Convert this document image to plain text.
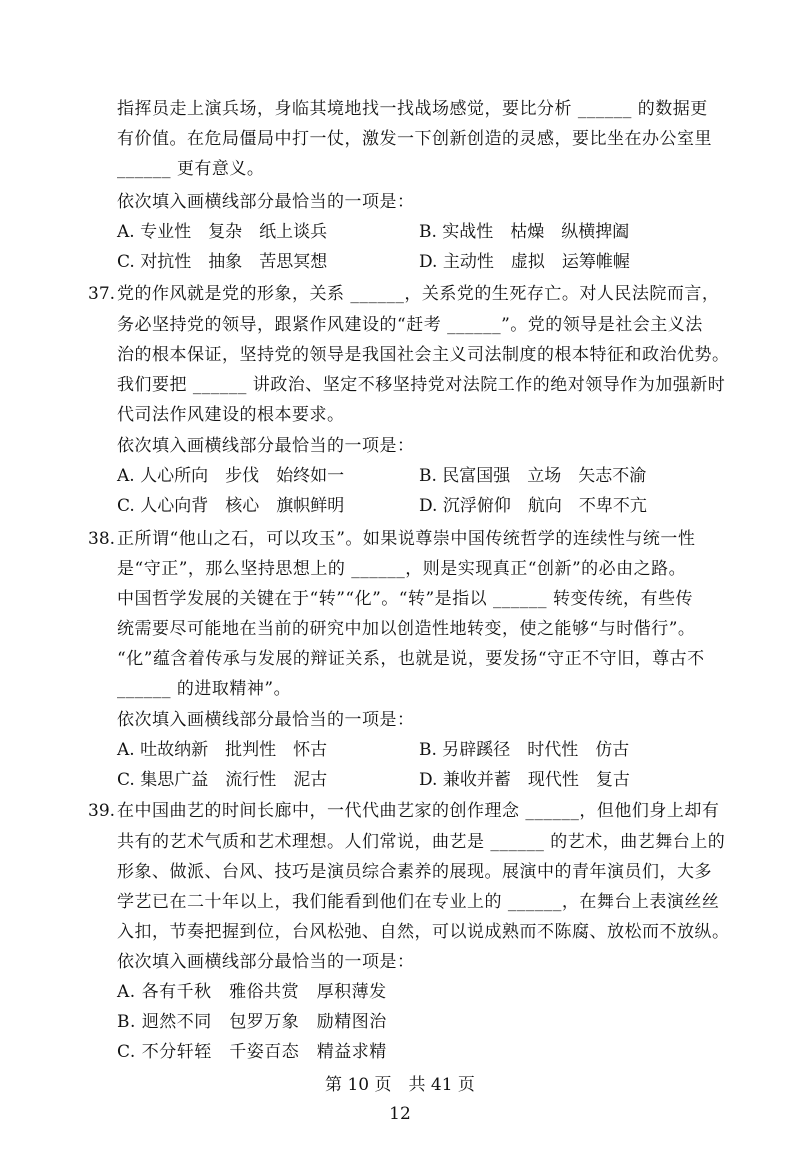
指挥员走上演兵场，身临其境地找一找战场感觉，要比分析 ______ 的数据更
有价值。在危局僵局中打一仗，激发一下创新创造的灵感，要比坐在办公室里
______ 更有意义。
依次填入画横线部分最恰当的一项是：
A. 专业性　复杂　纸上谈兵	B. 实战性　枯燥　纵横捭阖
C. 对抗性　抽象　苦思冥想	D. 主动性　虚拟　运筹帷幄
37. 党的作风就是党的形象，关系 ______，关系党的生死存亡。对人民法院而言，
务必坚持党的领导，跟紧作风建设的“赶考 ______”。党的领导是社会主义法
治的根本保证，坚持党的领导是我国社会主义司法制度的根本特征和政治优势。
我们要把 ______ 讲政治、坚定不移坚持党对法院工作的绝对领导作为加强新时
代司法作风建设的根本要求。
依次填入画横线部分最恰当的一项是：
A. 人心所向　步伐　始终如一	B. 民富国强　立场　矢志不渝
C. 人心向背　核心　旗帜鲜明	D. 沉浮俯仰　航向　不卑不亢
38. 正所谓“他山之石，可以攻玉”。如果说尊崇中国传统哲学的连续性与统一性
是“守正”，那么坚持思想上的 ______，则是实现真正“创新”的必由之路。
中国哲学发展的关键在于“转”“化”。“转”是指以 ______ 转变传统，有些传
统需要尽可能地在当前的研究中加以创造性地转变，使之能够“与时偕行”。
“化”蕴含着传承与发展的辩证关系，也就是说，要发扬“守正不守旧，尊古不
______ 的进取精神”。
依次填入画横线部分最恰当的一项是：
A. 吐故纳新　批判性　怀古	B. 另辟蹊径　时代性　仿古
C. 集思广益　流行性　泥古	D. 兼收并蓄　现代性　复古
39. 在中国曲艺的时间长廊中，一代代曲艺家的创作理念 ______，但他们身上却有
共有的艺术气质和艺术理想。人们常说，曲艺是 ______ 的艺术，曲艺舞台上的
形象、做派、台风、技巧是演员综合素养的展现。展演中的青年演员们，大多
学艺已在二十年以上，我们能看到他们在专业上的 ______，在舞台上表演丝丝
入扣，节奏把握到位，台风松弛、自然，可以说成熟而不陈腐、放松而不放纵。
依次填入画横线部分最恰当的一项是：
A. 各有千秋　雅俗共赏　厚积薄发
B. 迥然不同　包罗万象　励精图治
C. 不分轩轾　千姿百态　精益求精
第 10 页　共 41 页
12
